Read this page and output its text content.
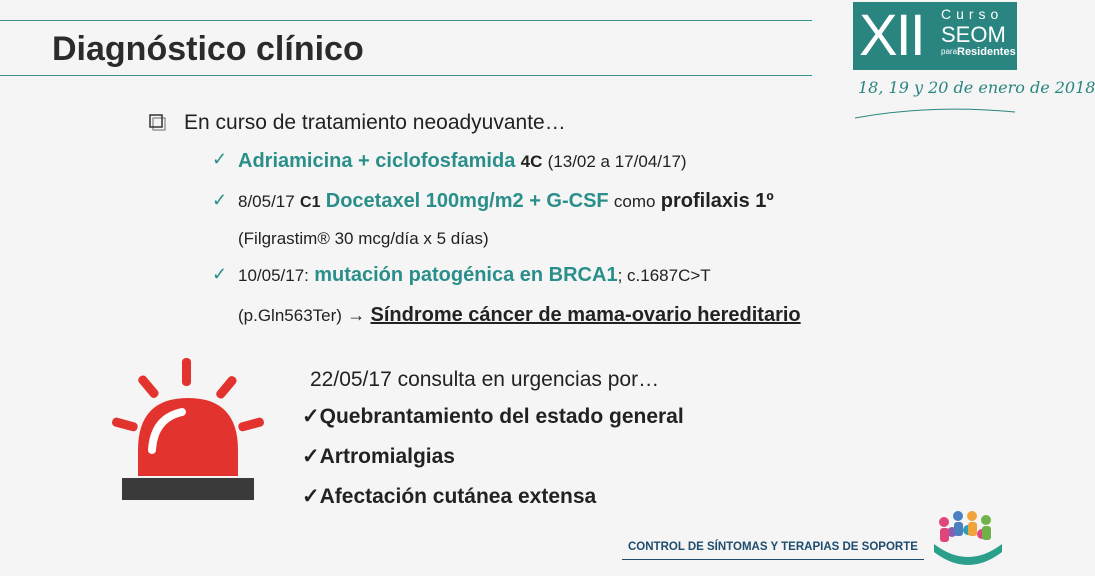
Diagnóstico clínico	XII Curso
SEOM
para Residentes
18, 19 y 20 de enero de 2018
En curso de tratamiento neoadyuvante…
✓ Adriamicina + ciclofosfamida 4C (13/02 a 17/04/17)
✓ 8/05/17 C1 Docetaxel 100mg/m2 + G-CSF como profilaxis 1º
(Filgrastim® 30 mcg/día x 5 días)
✓ 10/05/17: mutación patogénica en BRCA1; c.1687C>T
(p.Gln563Ter) → Síndrome cáncer de mama-ovario hereditario
22/05/17 consulta en urgencias por…
✓Quebrantamiento del estado general
✓Artromialgias
✓Afectación cutánea extensa
CONTROL DE SÍNTOMAS Y TERAPIAS DE SOPORTE
